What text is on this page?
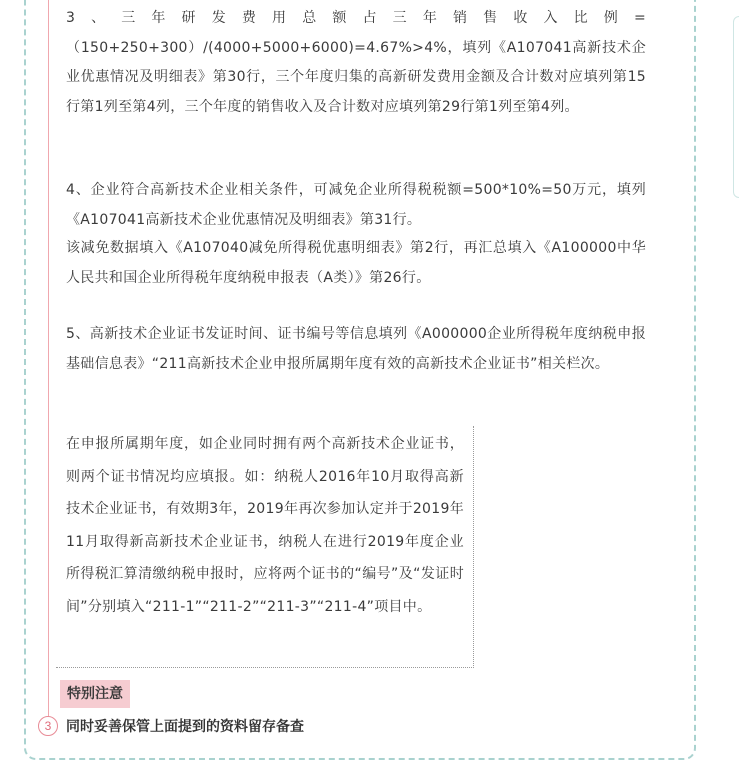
3、三年研发费用总额占三年销售收入比例=（150+250+300）/(4000+5000+6000)=4.67%>4%，填列《A107041高新技术企业优惠情况及明细表》第30行，三个年度归集的高新研发费用金额及合计数对应填列第15行第1列至第4列，三个年度的销售收入及合计数对应填列第29行第1列至第4列。

4、企业符合高新技术企业相关条件，可减免企业所得税税额=500*10%=50万元，填列《A107041高新技术企业优惠情况及明细表》第31行。

该减免数据填入《A107040减免所得税优惠明细表》第2行，再汇总填入《A100000中华人民共和国企业所得税年度纳税申报表（A类）》第26行。

5、高新技术企业证书发证时间、证书编号等信息填列《A000000企业所得税年度纳税申报基础信息表》“211高新技术企业申报所属期年度有效的高新技术企业证书”相关栏次。

在申报所属期年度，如企业同时拥有两个高新技术企业证书，则两个证书情况均应填报。如：纳税人2016年10月取得高新技术企业证书，有效期3年，2019年再次参加认定并于2019年11月取得新高新技术企业证书，纳税人在进行2019年度企业所得税汇算清缴纳税申报时，应将两个证书的“编号”及“发证时间”分别填入“211-1”“211-2”“211-3”“211-4”项目中。

特别注意
3	同时妥善保管上面提到的资料留存备查
